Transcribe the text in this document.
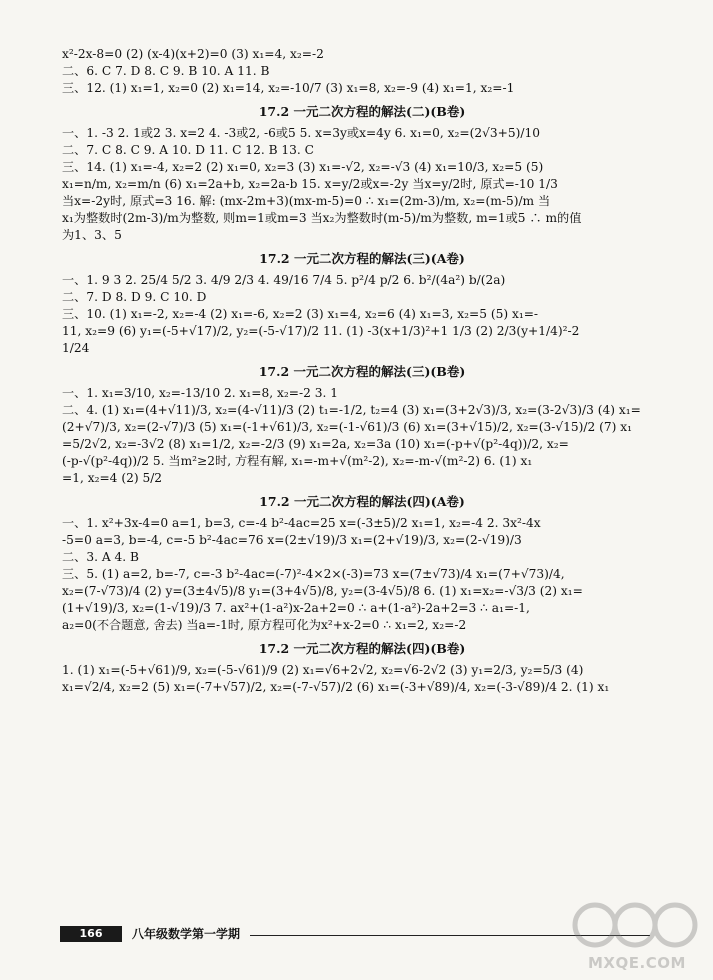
x²-2x-8=0 (2) (x-4)(x+2)=0 (3) x₁=4, x₂=-2
二、6. C 7. D 8. C 9. B 10. A 11. B
三、12. (1) x₁=1, x₂=0 (2) x₁=14, x₂=-10/7 (3) x₁=8, x₂=-9 (4) x₁=1, x₂=-1
17.2 一元二次方程的解法(二)(B卷)
一、1. -3 2. 1或2 3. x=2 4. -3或2, -6或5 5. x=3y或x=4y 6. x₁=0, x₂=(2√3+5)/10
二、7. C 8. C 9. A 10. D 11. C 12. B 13. C
三、14. (1) x₁=-4, x₂=2 (2) x₁=0, x₂=3 (3) x₁=-√2, x₂=-√3 (4) x₁=10/3, x₂=5 (5)
x₁=n/m, x₂=m/n (6) x₁=2a+b, x₂=2a-b 15. x=y/2或x=-2y 当x=y/2时, 原式=-10 1/3
当x=-2y时, 原式=3 16. 解: (mx-2m+3)(mx-m-5)=0 ∴ x₁=(2m-3)/m, x₂=(m-5)/m 当
x₁为整数时(2m-3)/m为整数, 则m=1或m=3 当x₂为整数时(m-5)/m为整数, m=1或5 ∴ m的值
为1、3、5
17.2 一元二次方程的解法(三)(A卷)
一、1. 9 3 2. 25/4 5/2 3. 4/9 2/3 4. 49/16 7/4 5. p²/4 p/2 6. b²/(4a²) b/(2a)
二、7. D 8. D 9. C 10. D
三、10. (1) x₁=-2, x₂=-4 (2) x₁=-6, x₂=2 (3) x₁=4, x₂=6 (4) x₁=3, x₂=5 (5) x₁=-
11, x₂=9 (6) y₁=(-5+√17)/2, y₂=(-5-√17)/2 11. (1) -3(x+1/3)²+1 1/3 (2) 2/3(y+1/4)²-2
1/24
17.2 一元二次方程的解法(三)(B卷)
一、1. x₁=3/10, x₂=-13/10 2. x₁=8, x₂=-2 3. 1
二、4. (1) x₁=(4+√11)/3, x₂=(4-√11)/3 (2) t₁=-1/2, t₂=4 (3) x₁=(3+2√3)/3, x₂=(3-2√3)/3 (4) x₁=
(2+√7)/3, x₂=(2-√7)/3 (5) x₁=(-1+√61)/3, x₂=(-1-√61)/3 (6) x₁=(3+√15)/2, x₂=(3-√15)/2 (7) x₁
=5/2√2, x₂=-3√2 (8) x₁=1/2, x₂=-2/3 (9) x₁=2a, x₂=3a (10) x₁=(-p+√(p²-4q))/2, x₂=
(-p-√(p²-4q))/2 5. 当m²≥2时, 方程有解, x₁=-m+√(m²-2), x₂=-m-√(m²-2) 6. (1) x₁
=1, x₂=4 (2) 5/2
17.2 一元二次方程的解法(四)(A卷)
一、1. x²+3x-4=0 a=1, b=3, c=-4 b²-4ac=25 x=(-3±5)/2 x₁=1, x₂=-4 2. 3x²-4x
-5=0 a=3, b=-4, c=-5 b²-4ac=76 x=(2±√19)/3 x₁=(2+√19)/3, x₂=(2-√19)/3
二、3. A 4. B
三、5. (1) a=2, b=-7, c=-3 b²-4ac=(-7)²-4×2×(-3)=73 x=(7±√73)/4 x₁=(7+√73)/4,
x₂=(7-√73)/4 (2) y=(3±4√5)/8 y₁=(3+4√5)/8, y₂=(3-4√5)/8 6. (1) x₁=x₂=-√3/3 (2) x₁=
(1+√19)/3, x₂=(1-√19)/3 7. ax²+(1-a²)x-2a+2=0 ∴ a+(1-a²)-2a+2=3 ∴ a₁=-1,
a₂=0(不合题意, 舍去) 当a=-1时, 原方程可化为x²+x-2=0 ∴ x₁=2, x₂=-2
17.2 一元二次方程的解法(四)(B卷)
1. (1) x₁=(-5+√61)/9, x₂=(-5-√61)/9 (2) x₁=√6+2√2, x₂=√6-2√2 (3) y₁=2/3, y₂=5/3 (4)
x₁=√2/4, x₂=2 (5) x₁=(-7+√57)/2, x₂=(-7-√57)/2 (6) x₁=(-3+√89)/4, x₂=(-3-√89)/4 2. (1) x₁
166	八年级数学第一学期
MXQE.COM
